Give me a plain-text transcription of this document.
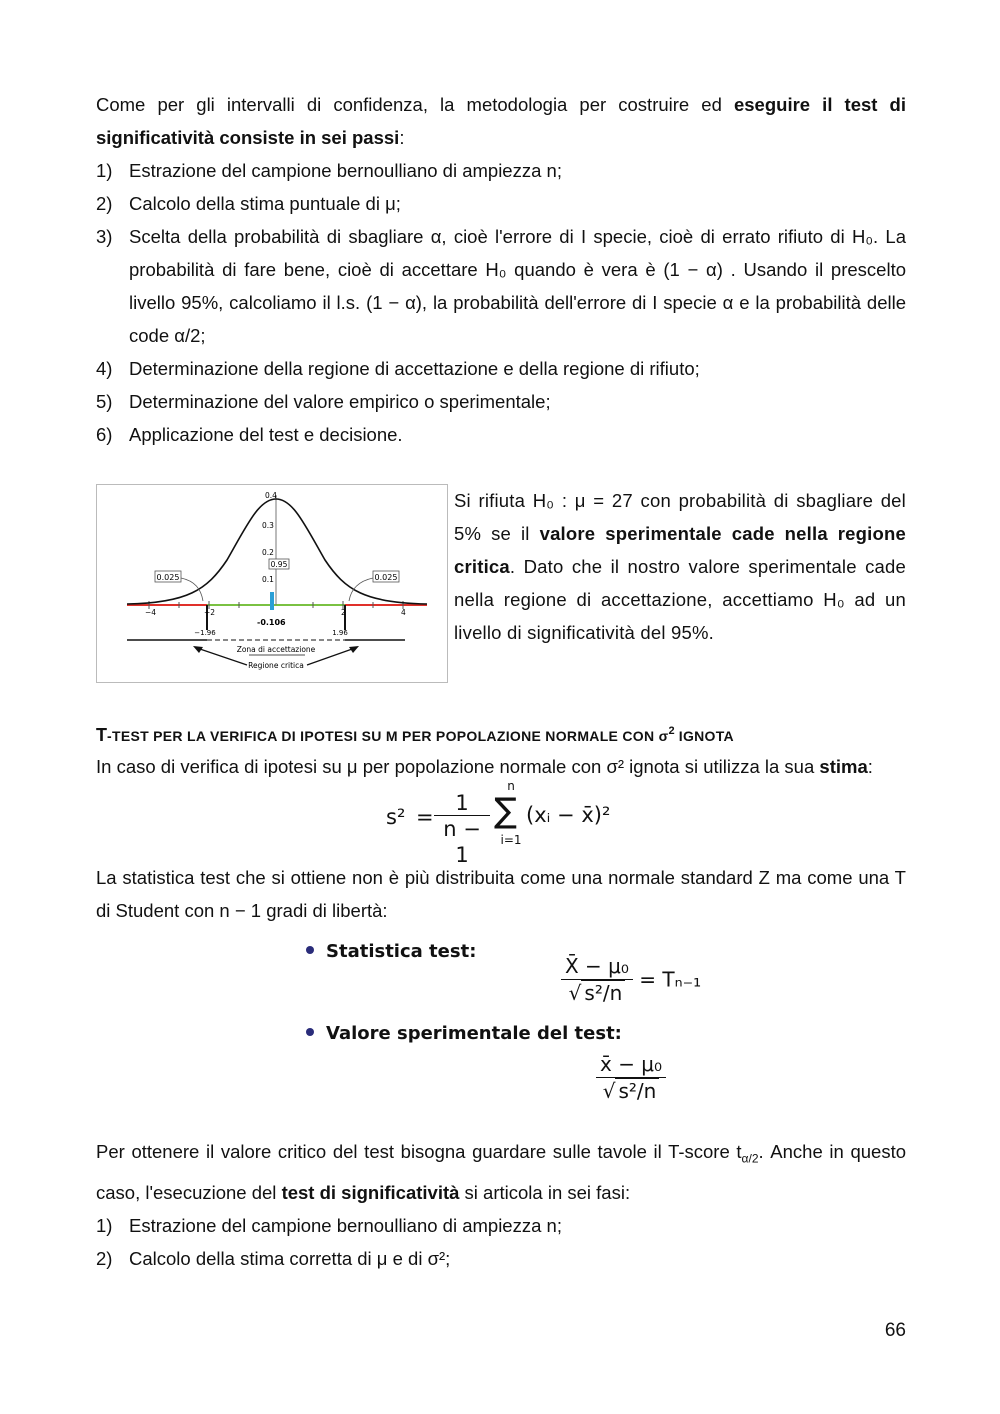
Come per gli intervalli di confidenza, la metodologia per costruire ed eseguire il test di significatività consiste in sei passi:

1) Estrazione del campione bernoulliano di ampiezza n;
2) Calcolo della stima puntuale di μ;
3) Scelta della probabilità di sbagliare α, cioè l'errore di I specie, cioè di errato rifiuto di H₀. La probabilità di fare bene, cioè di accettare H₀ quando è vera è (1 − α) . Usando il prescelto livello 95%, calcoliamo il l.s. (1 − α), la probabilità dell'errore di I specie α e la probabilità delle code α/2;
4) Determinazione della regione di accettazione e della regione di rifiuto;
5) Determinazione del valore empirico o sperimentale;
6) Applicazione del test e decisione.
0.025	0.025
0.95
0.4
0.3
0.2
0.1
−4	−2	2	4
-0.106
−1.96	1.96
Zona di accettazione
Regione critica

Si rifiuta H₀ : μ = 27 con probabilità di sbagliare del 5% se il valore sperimentale cade nella regione critica. Dato che il nostro valore sperimentale cade nella regione di accettazione, accettiamo H₀ ad un livello di significatività del 95%.

T-TEST PER LA VERIFICA DI IPOTESI SU M PER POPOLAZIONE NORMALE CON $\sigma^2$ IGNOTA

In caso di verifica di ipotesi su μ per popolazione normale con σ² ignota si utilizza la sua stima:

s² =
1
n − 1
n
∑
i=1
(xᵢ − x̄)²

La statistica test che si ottiene non è più distribuita come una normale standard Z ma come una T di Student con n − 1 gradi di libertà:

Statistica test:
$\frac{\text{X̄ − μ₀}}{\text{√ s²/n}} = T_{n-1}$
Valore sperimentale del test:
$\frac{\text{x̄ − μ₀}}{\text{√ s²/n}}$

Per ottenere il valore critico del test bisogna guardare sulle tavole il T-score $t_{\alpha/2}$. Anche in questo caso, l'esecuzione del test di significatività si articola in sei fasi:

1) Estrazione del campione bernoulliano di ampiezza n;
2) Calcolo della stima corretta di μ e di σ²;
66
